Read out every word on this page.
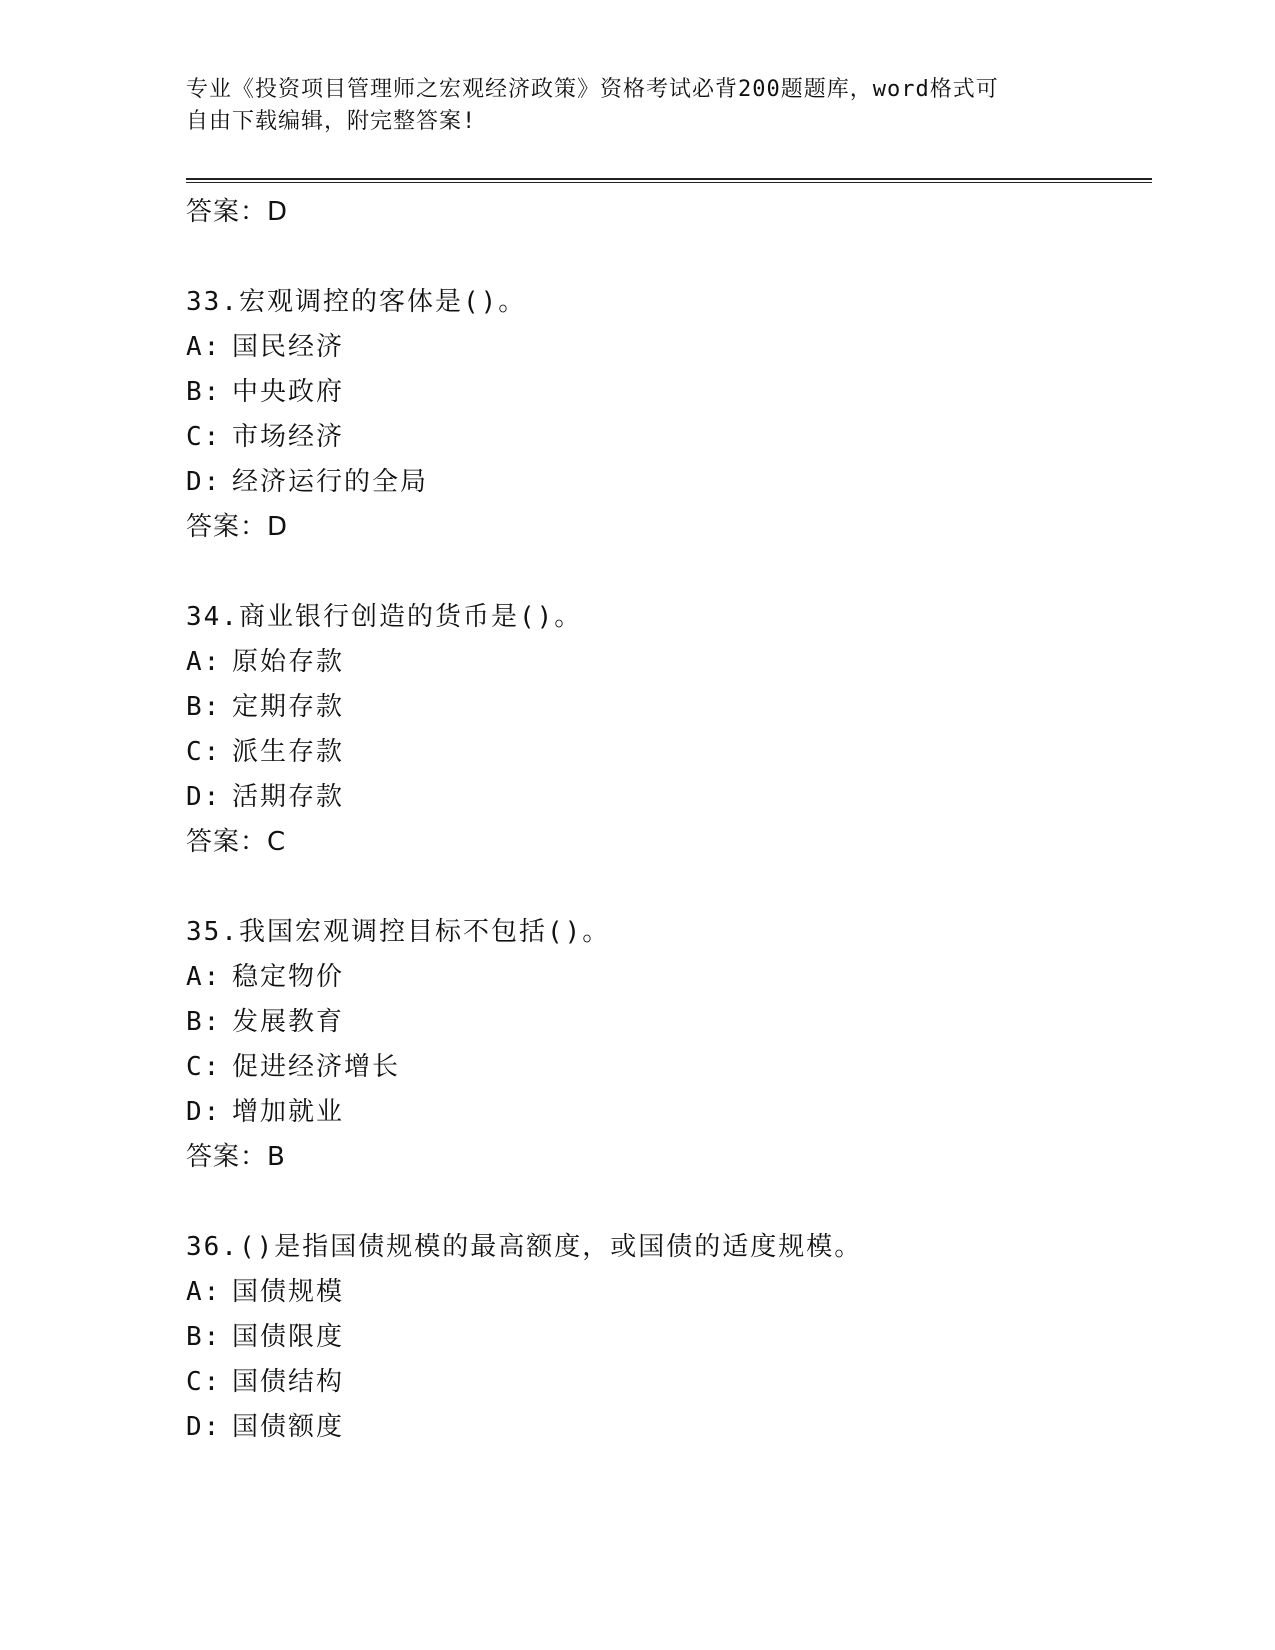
专业《投资项目管理师之宏观经济政策》资格考试必背200题题库，word格式可
自由下载编辑，附完整答案!
答案：D
33.宏观调控的客体是()。
A: 国民经济
B: 中央政府
C: 市场经济
D: 经济运行的全局
答案：D
34.商业银行创造的货币是()。
A: 原始存款
B: 定期存款
C: 派生存款
D: 活期存款
答案：C
35.我国宏观调控目标不包括()。
A: 稳定物价
B: 发展教育
C: 促进经济增长
D: 增加就业
答案：B
36.()是指国债规模的最高额度，或国债的适度规模。
A: 国债规模
B: 国债限度
C: 国债结构
D: 国债额度
